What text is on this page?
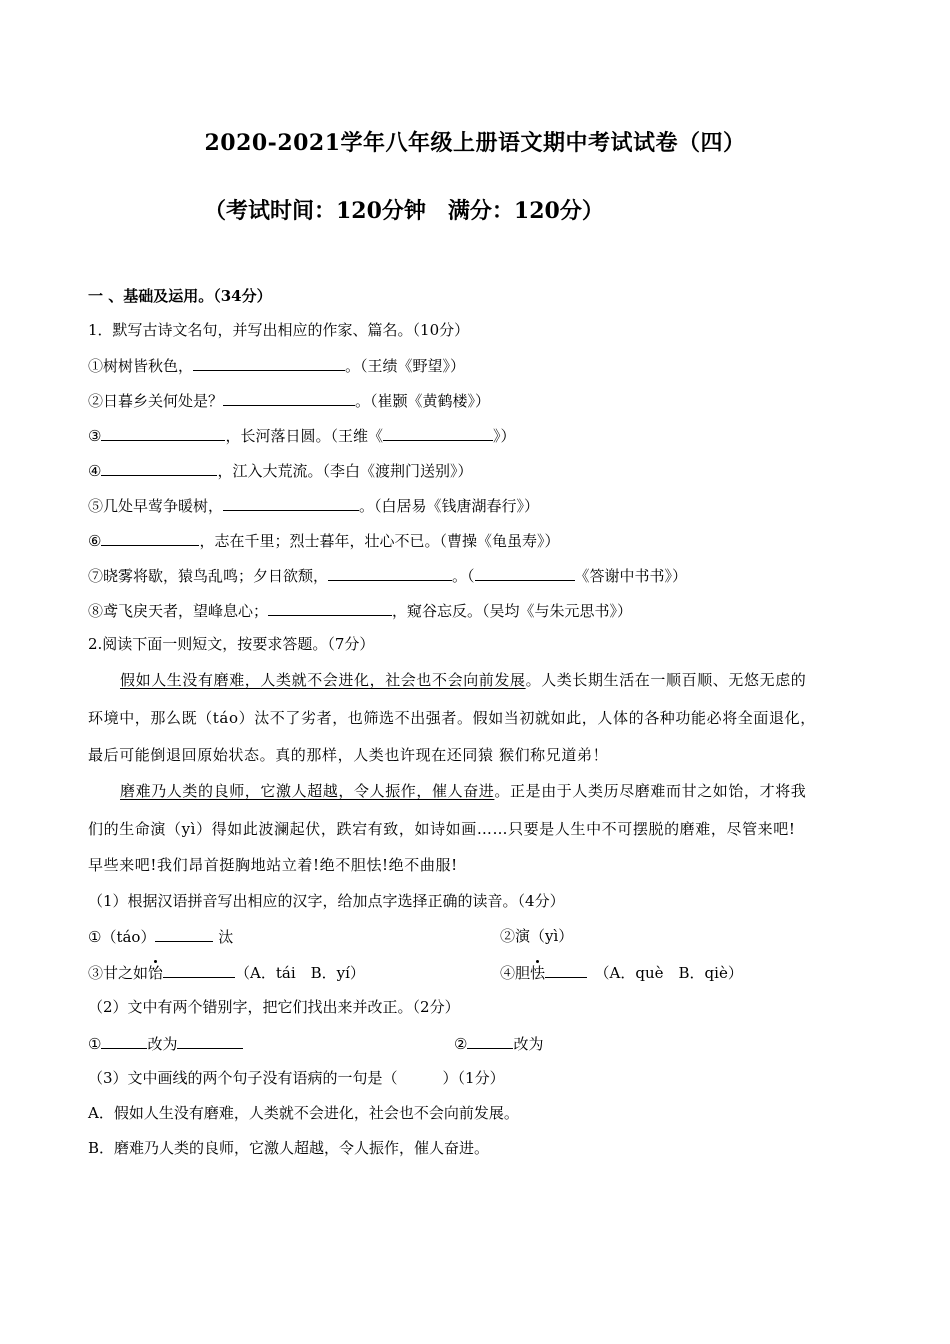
2020-2021学年八年级上册语文期中考试试卷（四）
（考试时间：120分钟　满分：120分）
一 、基础及运用。（34分）
1．默写古诗文名句，并写出相应的作家、篇名。（10分）
①树树皆秋色，	。（王绩《野望》）
②日暮乡关何处是？	。（崔颢《黄鹤楼》）
③	，长河落日圆。（王维《	》）
④	，江入大荒流。（李白《渡荆门送别》）
⑤几处早莺争暖树，	。（白居易《钱唐湖春行》）
⑥	，志在千里；烈士暮年，壮心不已。（曹操《龟虽寿》）
⑦晓雾将歇，猿鸟乱鸣；夕日欲颓，	。（	《答谢中书书》）
⑧鸢飞戾天者，望峰息心；	，窥谷忘反。（吴均《与朱元思书》）
2.阅读下面一则短文，按要求答题。（7分）
假如人生没有磨难，人类就不会进化，社会也不会向前发展。人类长期生活在一顺百顺、无悠无虑的
环境中，那么既（táo）汰不了劣者，也筛选不出强者。假如当初就如此，人体的各种功能必将全面退化，
最后可能倒退回原始状态。真的那样，人类也许现在还同猿 猴们称兄道弟！
磨难乃人类的良师，它激人超越，令人振作，催人奋进。正是由于人类历尽磨难而甘之如饴，才将我
们的生命演（yì）得如此波澜起伏，跌宕有致，如诗如画……只要是人生中不可摆脱的磨难，尽管来吧!
早些来吧!我们昂首挺胸地站立着!绝不胆怯!绝不曲服!
（1）根据汉语拼音写出相应的汉字，给加点字选择正确的读音。（4分）
①（táo）	汰	②演（yì）
③甘之如饴	（A．tái　B．yí）	④胆怯　	（A．què　B．qiè）
（2）文中有两个错别字，把它们找出来并改正。（2分）
①	改为	②	改为
（3）文中画线的两个句子没有语病的一句是（　　　）（1分）
A．假如人生没有磨难，人类就不会进化，社会也不会向前发展。
B．磨难乃人类的良师，它激人超越，令人振作，催人奋进。
